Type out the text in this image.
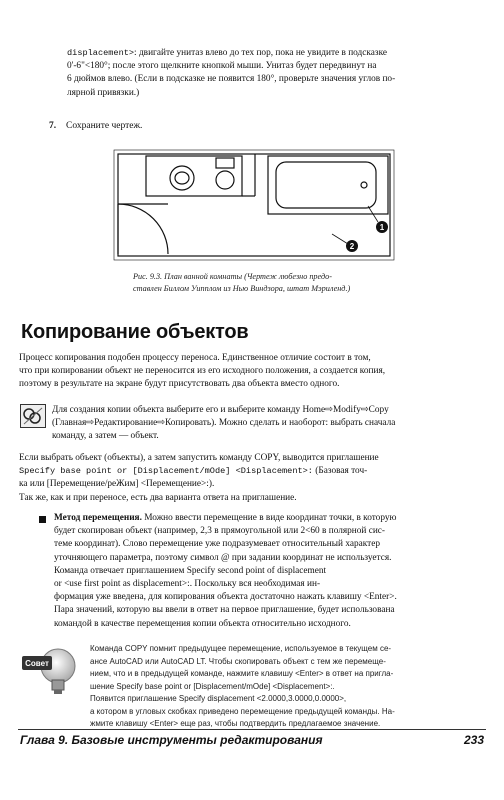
displacement>: двигайте унитаз влево до тех пор, пока не увидите в подсказке
0'-6"<180°; после этого щелкните кнопкой мыши. Унитаз будет передвинут на
6 дюймов влево. (Если в подсказке не появится 180°, проверьте значения углов по-
лярной привязки.)
7. Сохраните чертеж.
1
2
Рис. 9.3. План ванной комнаты (Чертеж любезно предо-
ставлен Биллом Уипплом из Нью Виндзора, штат Мэриленд.)
Копирование объектов
Процесс копирования подобен процессу переноса. Единственное отличие состоит в том,
что при копировании объект не переносится из его исходного положения, а создается копия,
поэтому в результате на экране будут присутствовать два объекта вместо одного.
Для создания копии объекта выберите его и выберите команду Home⇨Modify⇨Copy
(Главная⇨Редактирование⇨Копировать). Можно сделать и наоборот: выбрать сначала
команду, а затем — объект.
Если выбрать объект (объекты), а затем запустить команду COPY, выводится приглашение
Specify base point or [Displacement/mOde] <Displacement>: (Базовая точ-
ка или [Перемещение/реЖим] <Перемещение>:).
Так же, как и при переносе, есть два варианта ответа на приглашение.
Метод перемещения. Можно ввести перемещение в виде координат точки, в которую
будет скопирован объект (например, 2,3 в прямоугольной или 2<60 в полярной сис-
теме координат). Слово перемещение уже подразумевает относительный характер
уточняющего параметра, поэтому символ @ при задании координат не используется.
Команда отвечает приглашением Specify second point of displacement
or <use first point as displacement>:. Поскольку вся необходимая ин-
формация уже введена, для копирования объекта достаточно нажать клавишу <Enter>.
Пара значений, которую вы ввели в ответ на первое приглашение, будет использована
командой в качестве перемещения копии объекта относительно исходного.
Совет
Команда COPY помнит предыдущее перемещение, используемое в текущем се-
ансе AutoCAD или AutoCAD LT. Чтобы скопировать объект с тем же перемеще-
нием, что и в предыдущей команде, нажмите клавишу <Enter> в ответ на пригла-
шение Specify base point or [Displacement/mOde] <Displacement>:.
Появится приглашение Specify displacement <2.0000,3.0000,0.0000>,
а котором в угловых скобках приведено перемещение предыдущей команды. На-
жмите клавишу <Enter> еще раз, чтобы подтвердить предлагаемое значение.
Глава 9. Базовые инструменты редактирования	233
